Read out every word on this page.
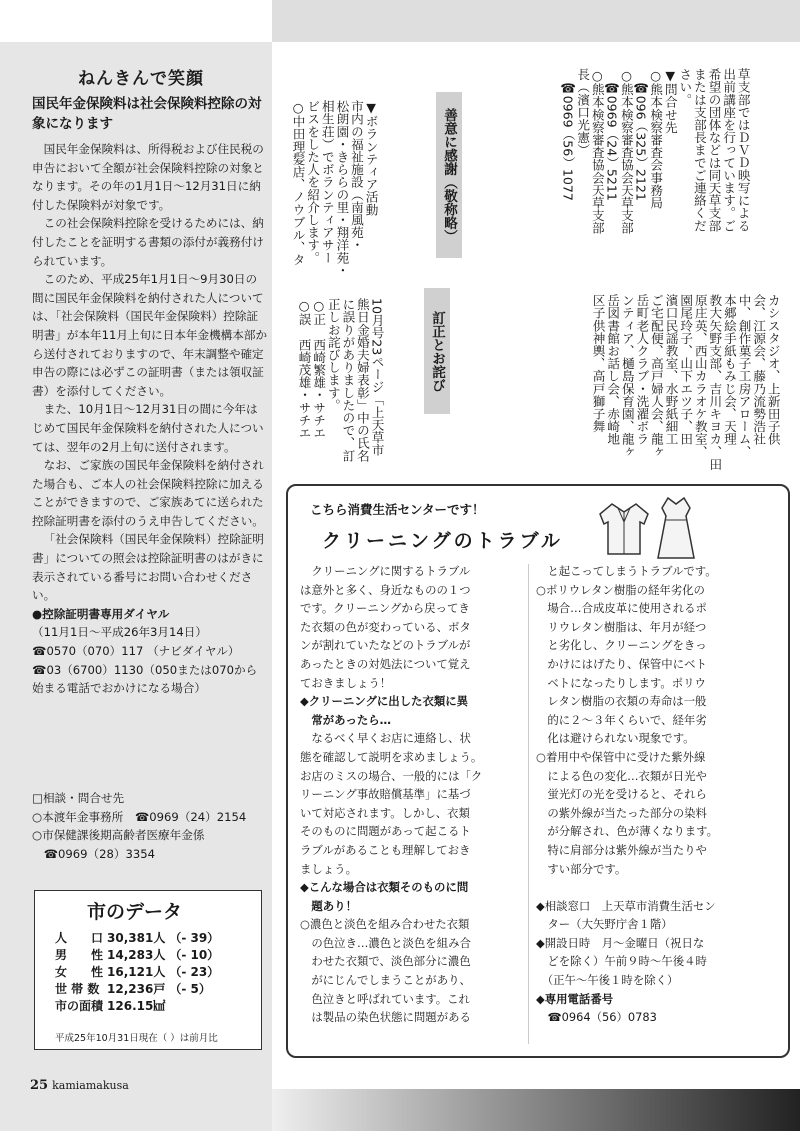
ねんきんで笑顔
国民年金保険料は社会保険料控除の対象になります

国民年金保険料は、所得税および住民税の申告において全額が社会保険料控除の対象となります。その年の1月1日～12月31日に納付した保険料が対象です。

この社会保険料控除を受けるためには、納付したことを証明する書類の添付が義務付けられています。

このため、平成25年1月1日～9月30日の間に国民年金保険料を納付された人については、「社会保険料（国民年金保険料）控除証明書」が本年11月上旬に日本年金機構本部から送付されておりますので、年末調整や確定申告の際には必ずこの証明書（または領収証書）を添付してください。

また、10月1日～12月31日の間に今年はじめて国民年金保険料を納付された人については、翌年の2月上旬に送付されます。

なお、ご家族の国民年金保険料を納付された場合も、ご本人の社会保険料控除に加えることができますので、ご家族あてに送られた控除証明書を添付のうえ申告してください。

「社会保険料（国民年金保険料）控除証明書」についての照会は控除証明書のはがきに表示されている番号にお問い合わせください。

●控除証明書専用ダイヤル

（11月1日～平成26年3月14日）

☎0570（070）117 （ナビダイヤル）

☎03（6700）1130（050または070から始まる電話でおかけになる場合）

□相談・問合せ先
○本渡年金事務所　☎0969（24）2154
○市保健課後期高齢者医療年金係
　☎0969（28）3354
市のデータ
人　　口	30,381人	（- 39）
男　　性	14,283人	（- 10）
女　　性	16,121人	（- 23）
世 帯 数	12,236戸	（- 5）
市の面積	126.15㎢	
平成25年10月31日現在（ ）は前月比
25 kamiamakusa

草支部ではＤＶＤ映写による
出前講座を行っています。ご
希望の団体などは同天草支部
または支部長までご連絡くだ
さい。
▼問合せ先
○熊本検察審査会事務局
　☎096（325）2121
○熊本検察審査協会天草支部
　☎0969（24）5211
○熊本検察審査協会天草支部
長（濱口光憲）
　☎0969（56）1077

善意に感謝（敬称略）

▼ボランティア活動
市内の福祉施設（南風苑・
松朗園・きららの里・翔洋苑・
相生荘）でボランティアサー
ビスをした人を紹介します。
○中田理髪店、ノウブル、タ

カシスタジオ、上新田子供
会、江源会、藤乃流勢浩社
中、創作菓子工房アローム、
本郷絵手紙もみじ会、天理
教大矢野支部、吉川キヨカ、田
原庄英、西山カラオケ教室、
園尾玲子、山下エツ子、田
濱口民謡教室、水野紙細工
ご宅配便、高戸婦人会、龍ヶ
岳町老人クラブ・洗濯ボラ
ンティア、樋島保育園、龍ヶ
岳図書館お話し会、赤崎地
区子供神輿、高戸獅子舞

訂正とお詫び

10月号23ページ「上天草市
熊日金婚夫婦表彰」中の氏名
に誤りがありましたので、訂
正しお詫びします。
○正　西崎繁雄・サチエ
○誤　西崎茂雄・サチエ

こちら消費生活センターです！
クリーニングのトラブル
　クリーニングに関するトラブル
は意外と多く、身近なものの１つ
です。クリーニングから戻ってき
た衣類の色が変わっている、ボタ
ンが割れていたなどのトラブルが
あったときの対処法について覚え
ておきましょう！
◆クリーニングに出した衣類に異
　常があったら…
　なるべく早くお店に連絡し、状
態を確認して説明を求めましょう。
お店のミスの場合、一般的には「ク
リーニング事故賠償基準」に基づ
いて対応されます。しかし、衣類
そのものに問題があって起こるト
ラブルがあることも理解しておき
ましょう。
◆こんな場合は衣類そのものに問
　題あり！
○濃色と淡色を組み合わせた衣類
　の色泣き…濃色と淡色を組み合
　わせた衣類で、淡色部分に濃色
　がにじんでしまうことがあり、
　色泣きと呼ばれています。これ
　は製品の染色状態に問題がある
　と起こってしまうトラブルです。
○ポリウレタン樹脂の経年劣化の
　場合…合成皮革に使用されるポ
　リウレタン樹脂は、年月が経つ
　と劣化し、クリーニングをきっ
　かけにはげたり、保管中にベト
　ベトになったりします。ポリウ
　レタン樹脂の衣類の寿命は一般
　的に２～３年くらいで、経年劣
　化は避けられない現象です。
○着用中や保管中に受けた紫外線
　による色の変化…衣類が日光や
　蛍光灯の光を受けると、それら
　の紫外線が当たった部分の染料
　が分解され、色が薄くなります。
　特に肩部分は紫外線が当たりや
　すい部分です。

◆相談窓口　上天草市消費生活セン
　ター（大矢野庁舎１階）
◆開設日時　月～金曜日（祝日な
　どを除く）午前９時～午後４時
　（正午～午後１時を除く）
◆専用電話番号
　☎0964（56）0783
